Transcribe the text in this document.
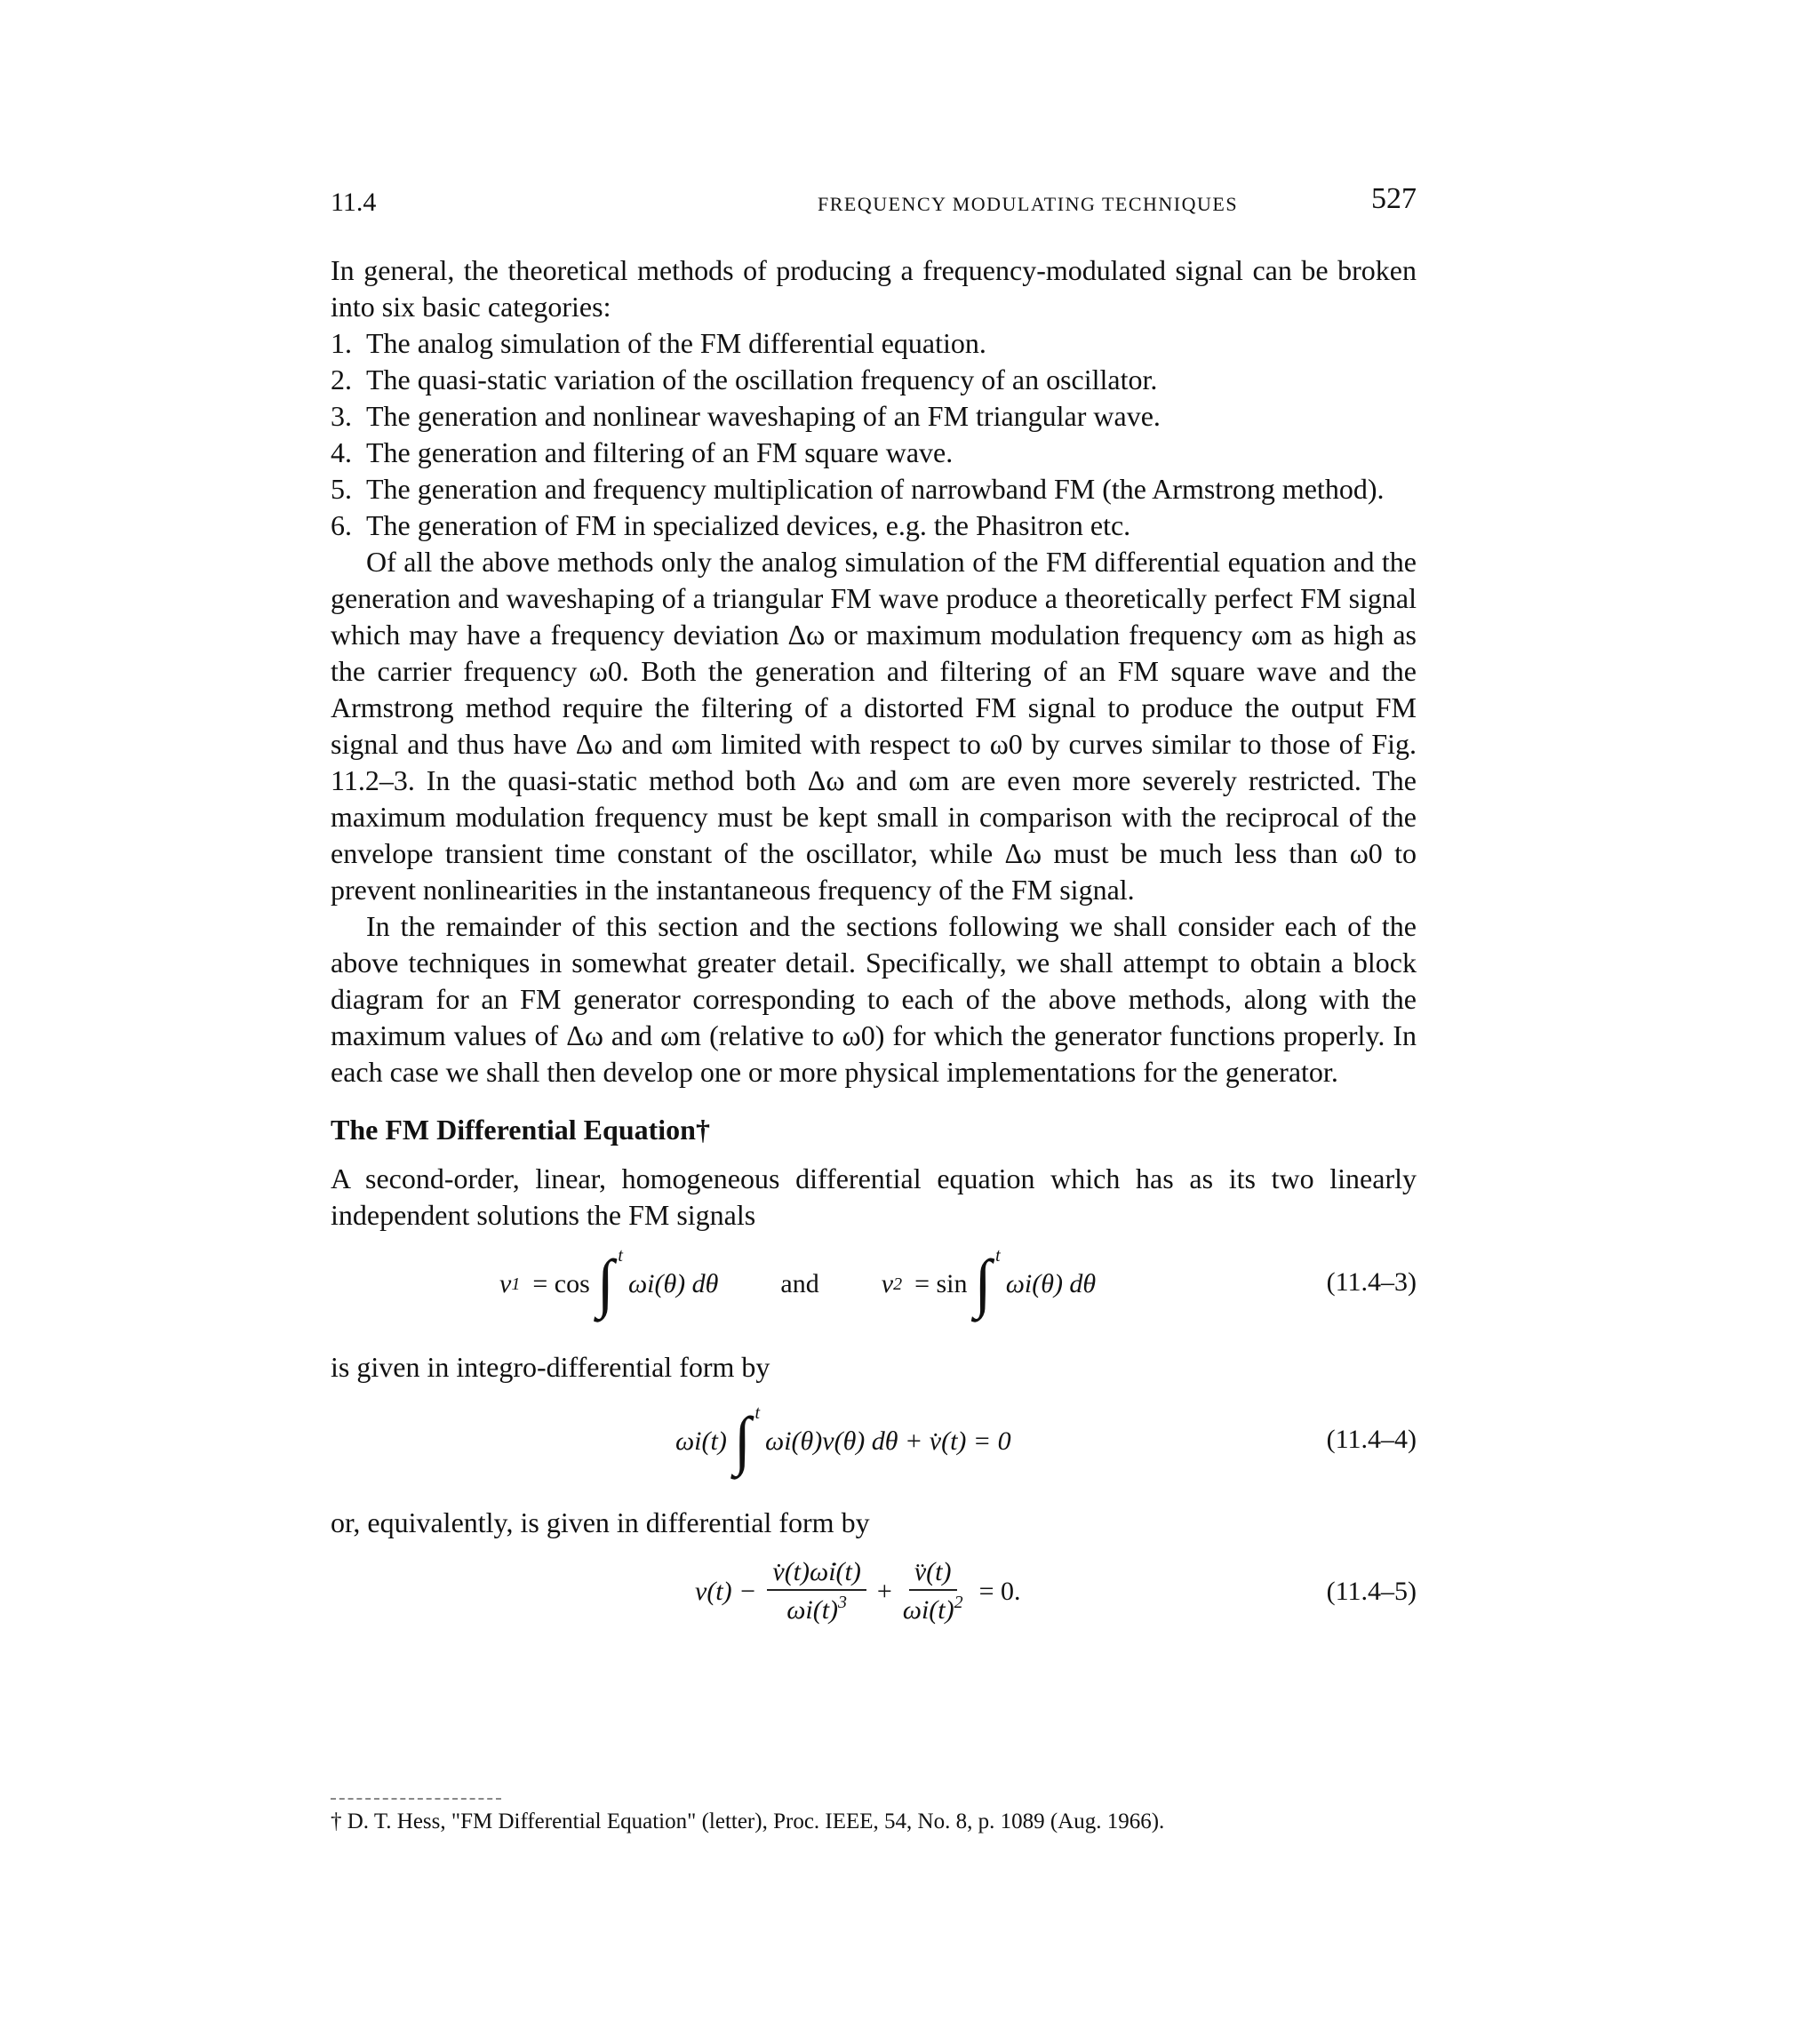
11.4	FREQUENCY MODULATING TECHNIQUES	527

In general, the theoretical methods of producing a frequency-modulated signal can be broken into six basic categories:

1. The analog simulation of the FM differential equation.
2. The quasi-static variation of the oscillation frequency of an oscillator.
3. The generation and nonlinear waveshaping of an FM triangular wave.
4. The generation and filtering of an FM square wave.
5. The generation and frequency multiplication of narrowband FM (the Armstrong method).
6. The generation of FM in specialized devices, e.g. the Phasitron etc.

Of all the above methods only the analog simulation of the FM differential equation and the generation and waveshaping of a triangular FM wave produce a theoretically perfect FM signal which may have a frequency deviation Δω or maximum modulation frequency ωm as high as the carrier frequency ω0. Both the generation and filtering of an FM square wave and the Armstrong method require the filtering of a distorted FM signal to produce the output FM signal and thus have Δω and ωm limited with respect to ω0 by curves similar to those of Fig. 11.2–3. In the quasi-static method both Δω and ωm are even more severely restricted. The maximum modulation frequency must be kept small in comparison with the reciprocal of the envelope transient time constant of the oscillator, while Δω must be much less than ω0 to prevent nonlinearities in the instantaneous frequency of the FM signal.

In the remainder of this section and the sections following we shall consider each of the above techniques in somewhat greater detail. Specifically, we shall attempt to obtain a block diagram for an FM generator corresponding to each of the above methods, along with the maximum values of Δω and ωm (relative to ω0) for which the generator functions properly. In each case we shall then develop one or more physical implementations for the generator.

The FM Differential Equation†

A second-order, linear, homogeneous differential equation which has as its two linearly independent solutions the FM signals

v 1 = cos ∫ t
ωi(θ) dθ and v 2 = sin ∫ t
ωi(θ) dθ	(11.4–3)

is given in integro-differential form by

ωi(t) ∫ t
ωi(θ)v(θ) dθ + v̇(t) = 0	(11.4–4)

or, equivalently, is given in differential form by

$v(t) - \frac{v̇(t)\omegȧi(t)}{\omega i(t)^3} + \frac{v̈(t)}{\omega i(t)^2} = 0$.	(11.4–5)
† D. T. Hess, "FM Differential Equation" (letter), Proc. IEEE, 54, No. 8, p. 1089 (Aug. 1966).
